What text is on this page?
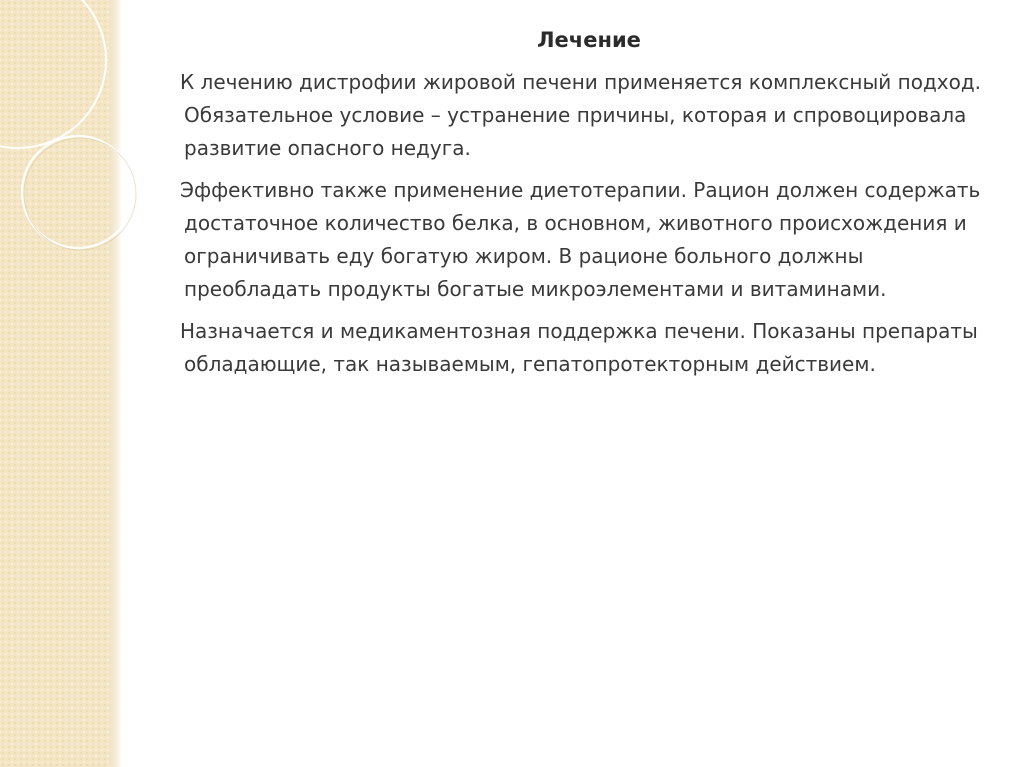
Лечение

К лечению дистрофии жировой печени применяется комплексный подход. Обязательное условие – устранение причины, которая и спровоцировала развитие опасного недуга.

Эффективно также применение диетотерапии. Рацион должен содержать достаточное количество белка, в основном, животного происхождения и ограничивать еду богатую жиром. В рационе больного должны преобладать продукты богатые микроэлементами и витаминами.

Назначается и медикаментозная поддержка печени. Показаны препараты обладающие, так называемым, гепатопротекторным действием.
